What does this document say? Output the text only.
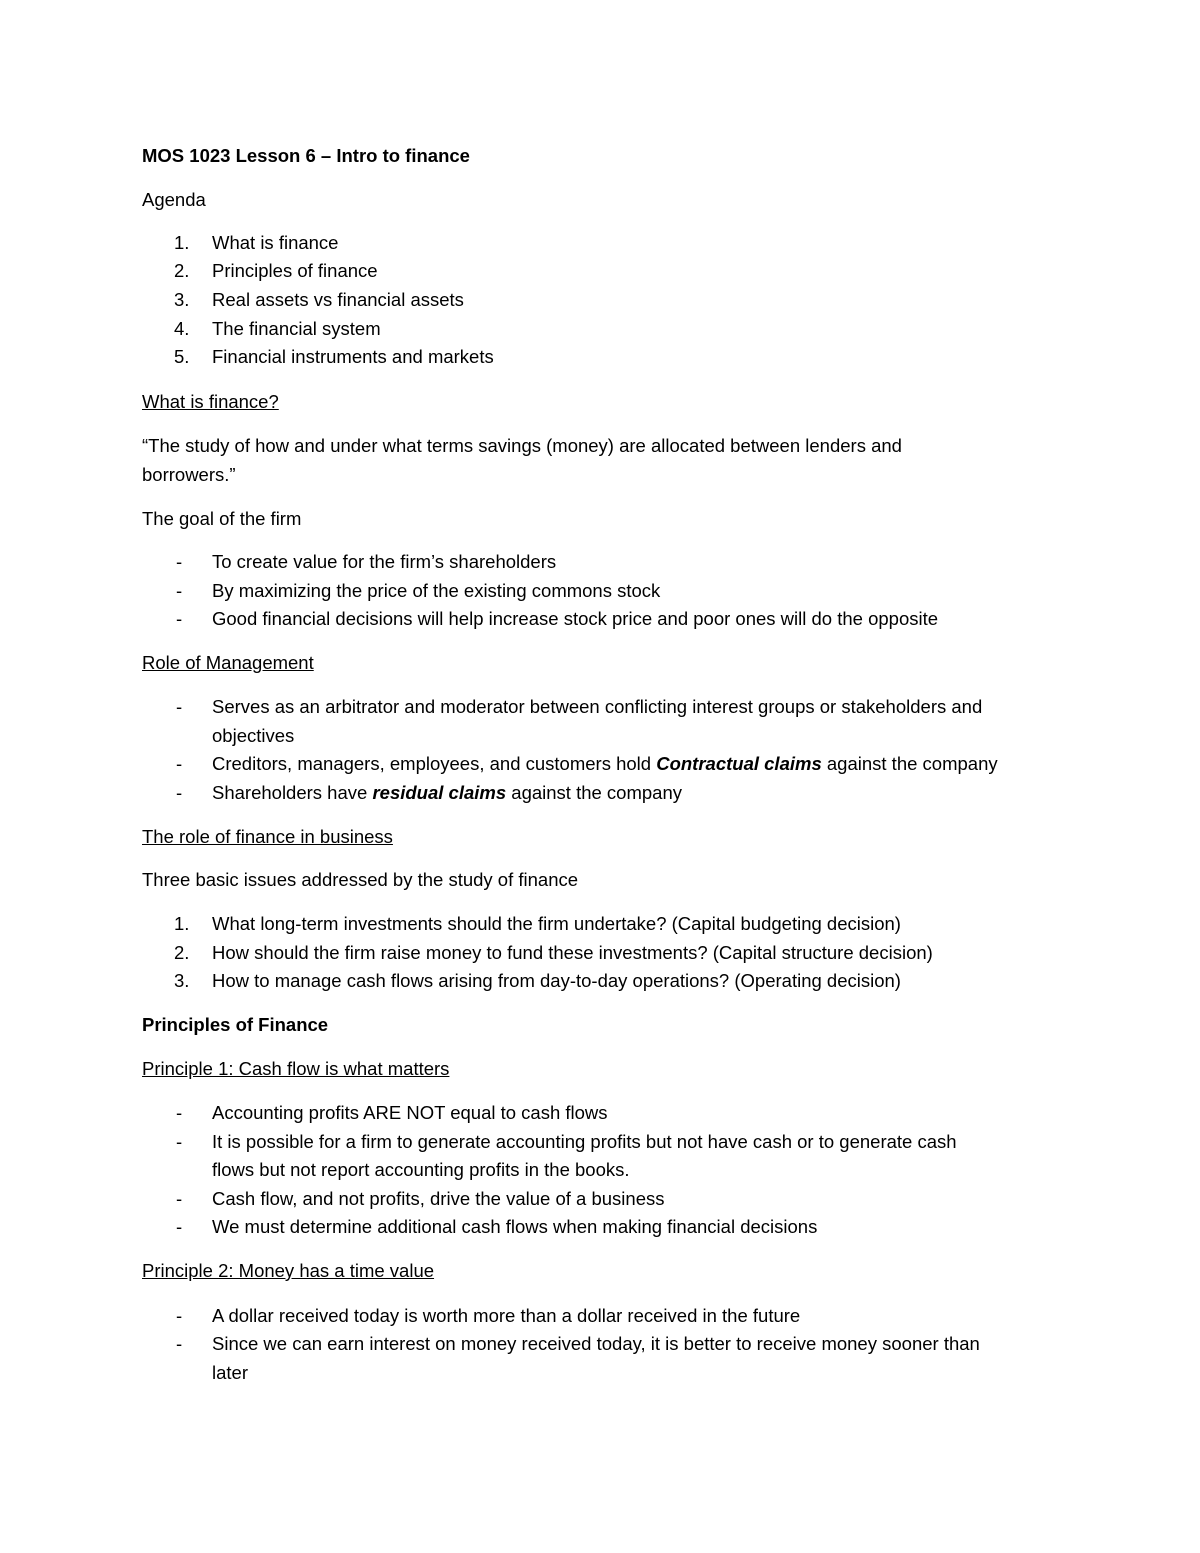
MOS 1023 Lesson 6 – Intro to finance
Agenda
1.	What is finance
2.	Principles of finance
3.	Real assets vs financial assets
4.	The financial system
5.	Financial instruments and markets
What is finance?
“The study of how and under what terms savings (money) are allocated between lenders and
borrowers.”
The goal of the firm
-	To create value for the firm’s shareholders
-	By maximizing the price of the existing commons stock
-	Good financial decisions will help increase stock price and poor ones will do the opposite
Role of Management
-	Serves as an arbitrator and moderator between conflicting interest groups or stakeholders and
objectives
-	Creditors, managers, employees, and customers hold Contractual claims against the company
-	Shareholders have residual claims against the company
The role of finance in business
Three basic issues addressed by the study of finance
1.	What long-term investments should the firm undertake? (Capital budgeting decision)
2.	How should the firm raise money to fund these investments? (Capital structure decision)
3.	How to manage cash flows arising from day-to-day operations? (Operating decision)
Principles of Finance
Principle 1: Cash flow is what matters
-	Accounting profits ARE NOT equal to cash flows
-	It is possible for a firm to generate accounting profits but not have cash or to generate cash
flows but not report accounting profits in the books.
-	Cash flow, and not profits, drive the value of a business
-	We must determine additional cash flows when making financial decisions
Principle 2: Money has a time value
-	A dollar received today is worth more than a dollar received in the future
-	Since we can earn interest on money received today, it is better to receive money sooner than
later
